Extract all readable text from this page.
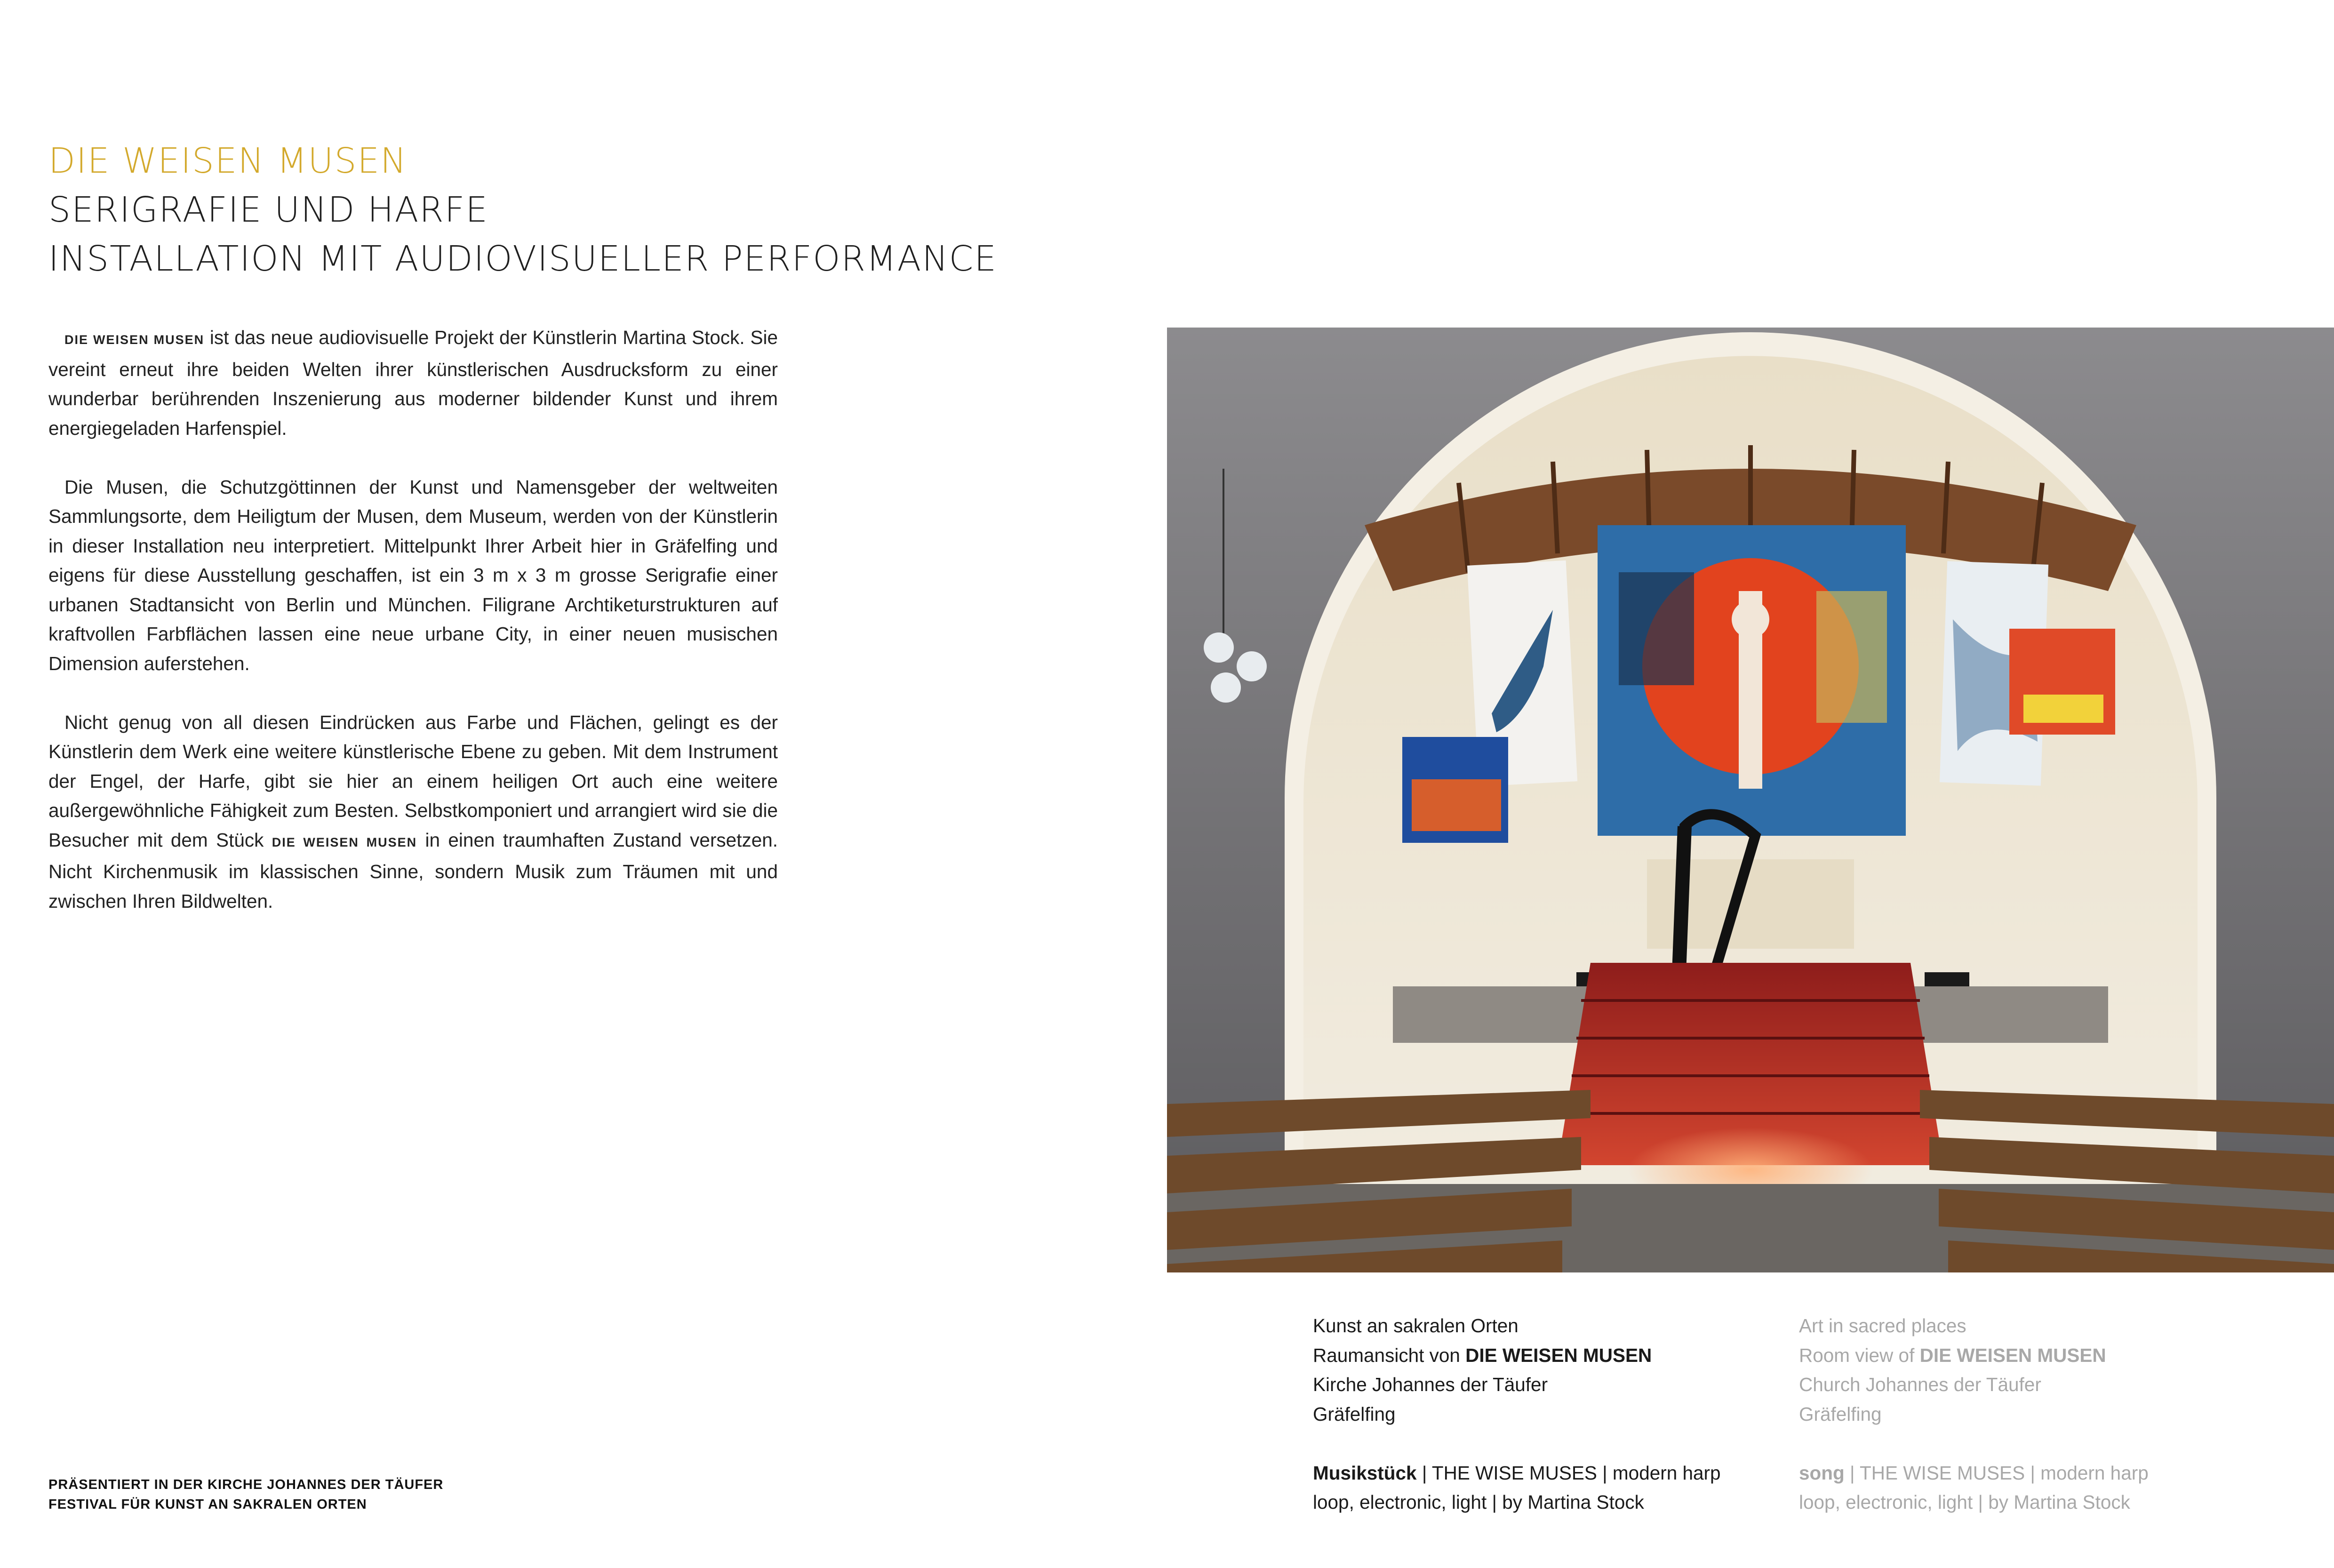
DIE WEISEN MUSEN
SERIGRAFIE UND HARFE
INSTALLATION MIT AUDIOVISUELLER PERFORMANCE

DIE WEISEN MUSEN ist das neue audiovisuelle Projekt der Künstlerin Martina Stock. Sie vereint erneut ihre beiden Welten ihrer künstlerischen Ausdrucksform zu einer wunderbar berührenden Inszenierung aus moderner bildender Kunst und ihrem energiegeladen Harfenspiel.

Die Musen, die Schutzgöttinnen der Kunst und Namensgeber der weltweiten Sammlungsorte, dem Heiligtum der Musen, dem Museum, werden von der Künstlerin in dieser Installation neu interpretiert. Mittelpunkt Ihrer Arbeit hier in Gräfelfing und eigens für diese Ausstellung geschaffen, ist ein 3 m x 3 m grosse Serigrafie einer urbanen Stadtansicht von Berlin und München. Filigrane Archtiketurstrukturen auf kraftvollen Farbflächen lassen eine neue urbane City, in einer neuen musischen Dimension auferstehen.

Nicht genug von all diesen Eindrücken aus Farbe und Flächen, gelingt es der Künstlerin dem Werk eine weitere künstlerische Ebene zu geben. Mit dem Instrument der Engel, der Harfe, gibt sie hier an einem heiligen Ort auch eine weitere außergewöhnliche Fähigkeit zum Besten. Selbstkomponiert und arrangiert wird sie die Besucher mit dem Stück DIE WEISEN MUSEN in einen traumhaften Zustand versetzen. Nicht Kirchenmusik im klassischen Sinne, sondern Musik zum Träumen mit und zwischen Ihren Bildwelten.

PRÄSENTIERT IN DER KIRCHE JOHANNES DER TÄUFER
FESTIVAL FÜR KUNST AN SAKRALEN ORTEN

Kunst an sakralen Orten

Raumansicht von DIE WEISEN MUSEN

Kirche Johannes der Täufer

Gräfelfing

Musikstück | THE WISE MUSES | modern harp

loop, electronic, light | by Martina Stock

Art in sacred places

Room view of DIE WEISEN MUSEN

Church Johannes der Täufer

Gräfelfing

song | THE WISE MUSES | modern harp

loop, electronic, light | by Martina Stock
